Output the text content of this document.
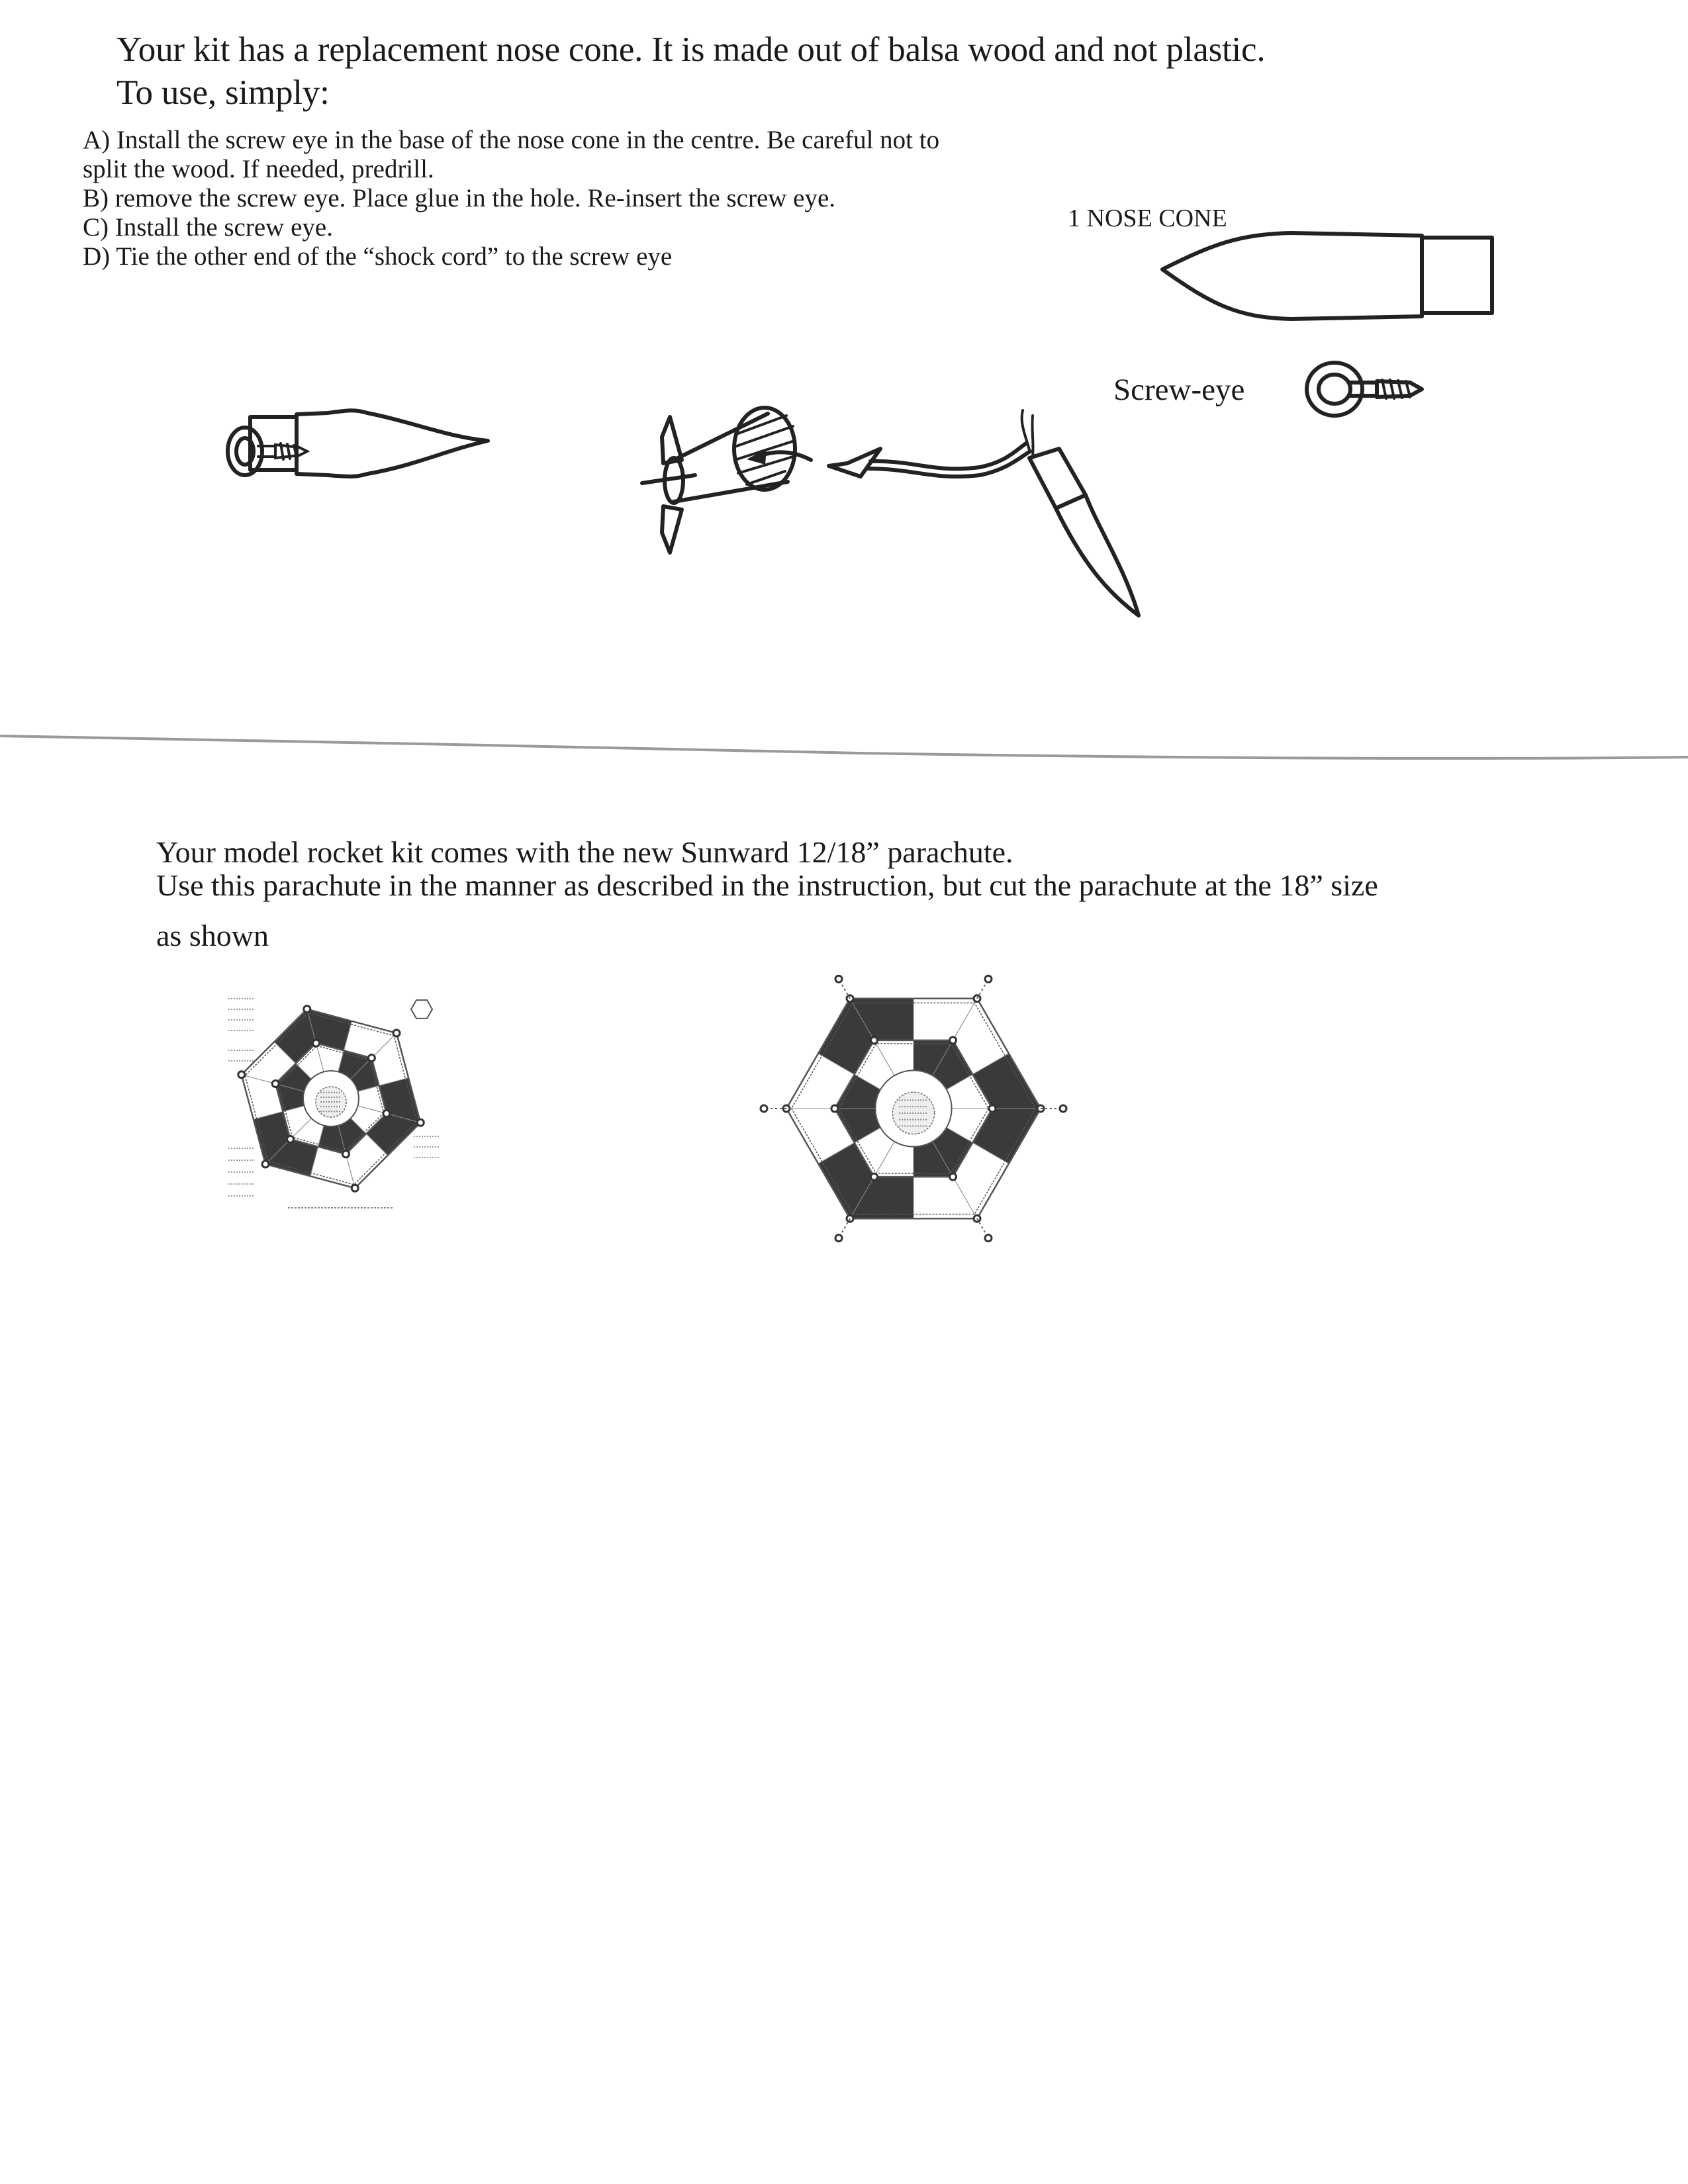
Your kit has a replacement nose cone. It is made out of balsa wood and not plastic.
To use, simply:
A) Install the screw eye in the base of the nose cone in the centre. Be careful not to split the wood. If needed, predrill.
B) remove the screw eye. Place glue in the hole. Re-insert the screw eye.
C) Install the screw eye.
D) Tie the other end of the “shock cord” to the screw eye
1 NOSE CONE
Screw-eye
Your model rocket kit comes with the new Sunward 12/18” parachute.
Use this parachute in the manner as described in the instruction, but cut the parachute at the 18” size
as shown
